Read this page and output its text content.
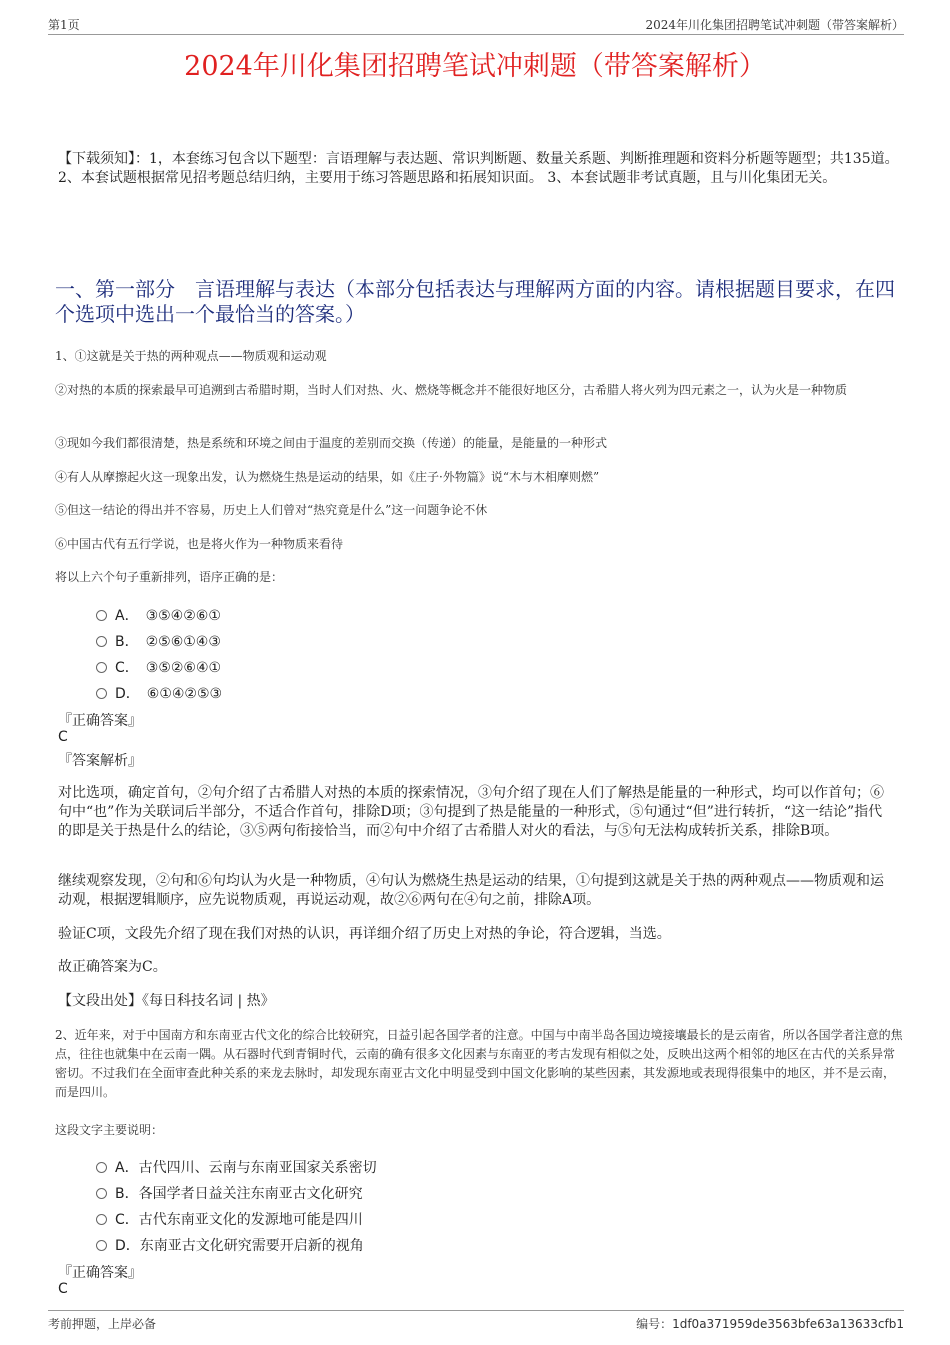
第1页	2024年川化集团招聘笔试冲刺题（带答案解析）
2024年川化集团招聘笔试冲刺题（带答案解析）
【下载须知】：1，本套练习包含以下题型：言语理解与表达题、常识判断题、数量关系题、判断推理题和资料分析题等题型；共135道。 2、本套试题根据常见招考题总结归纳，主要用于练习答题思路和拓展知识面。 3、本套试题非考试真题，且与川化集团无关。
一、第一部分　言语理解与表达（本部分包括表达与理解两方面的内容。请根据题目要求，在四个选项中选出一个最恰当的答案。）
1、①这就是关于热的两种观点——物质观和运动观
②对热的本质的探索最早可追溯到古希腊时期，当时人们对热、火、燃烧等概念并不能很好地区分，古希腊人将火列为四元素之一，认为火是一种物质
③现如今我们都很清楚，热是系统和环境之间由于温度的差别而交换（传递）的能量，是能量的一种形式
④有人从摩擦起火这一现象出发，认为燃烧生热是运动的结果，如《庄子·外物篇》说“木与木相摩则燃”
⑤但这一结论的得出并不容易，历史上人们曾对“热究竟是什么”这一问题争论不休
⑥中国古代有五行学说，也是将火作为一种物质来看待
将以上六个句子重新排列，语序正确的是：
A．　③⑤④②⑥①
B．　②⑤⑥①④③
C．　③⑤②⑥④①
D．　⑥①④②⑤③
『正确答案』
C
『答案解析』
对比选项，确定首句，②句介绍了古希腊人对热的本质的探索情况，③句介绍了现在人们了解热是能量的一种形式，均可以作首句；⑥句中“也”作为关联词后半部分，不适合作首句，排除D项；③句提到了热是能量的一种形式，⑤句通过“但”进行转折，“这一结论”指代的即是关于热是什么的结论，③⑤两句衔接恰当，而②句中介绍了古希腊人对火的看法，与⑤句无法构成转折关系，排除B项。
继续观察发现，②句和⑥句均认为火是一种物质，④句认为燃烧生热是运动的结果，①句提到这就是关于热的两种观点——物质观和运动观，根据逻辑顺序，应先说物质观，再说运动观，故②⑥两句在④句之前，排除A项。
验证C项，文段先介绍了现在我们对热的认识，再详细介绍了历史上对热的争论，符合逻辑，当选。
故正确答案为C。
【文段出处】《每日科技名词 | 热》
2、近年来，对于中国南方和东南亚古代文化的综合比较研究，日益引起各国学者的注意。中国与中南半岛各国边境接壤最长的是云南省，所以各国学者注意的焦点，往往也就集中在云南一隅。从石器时代到青铜时代，云南的确有很多文化因素与东南亚的考古发现有相似之处，反映出这两个相邻的地区在古代的关系异常密切。不过我们在全面审查此种关系的来龙去脉时，却发现东南亚古文化中明显受到中国文化影响的某些因素，其发源地或表现得很集中的地区，并不是云南，而是四川。
这段文字主要说明：
A．古代四川、云南与东南亚国家关系密切
B．各国学者日益关注东南亚古文化研究
C．古代东南亚文化的发源地可能是四川
D．东南亚古文化研究需要开启新的视角
『正确答案』
C
考前押题，上岸必备	编号：1df0a371959de3563bfe63a13633cfb1
